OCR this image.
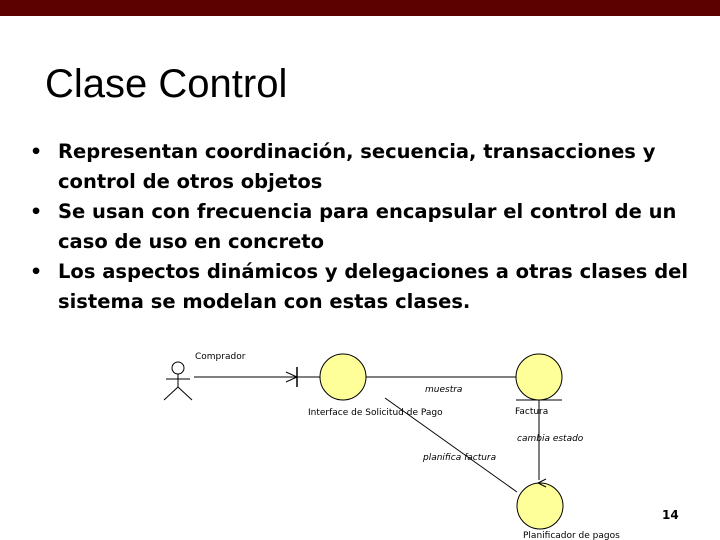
Clase Control
• Representan coordinación, secuencia, transacciones y control de otros objetos
• Se usan con frecuencia para encapsular el control de un caso de uso en concreto
• Los aspectos dinámicos y delegaciones a otras clases del sistema se modelan con estas clases.
Comprador
Interface de Solicitud de Pago
muestra
Factura
cambia estado
planifica factura
Planificador de pagos
14
